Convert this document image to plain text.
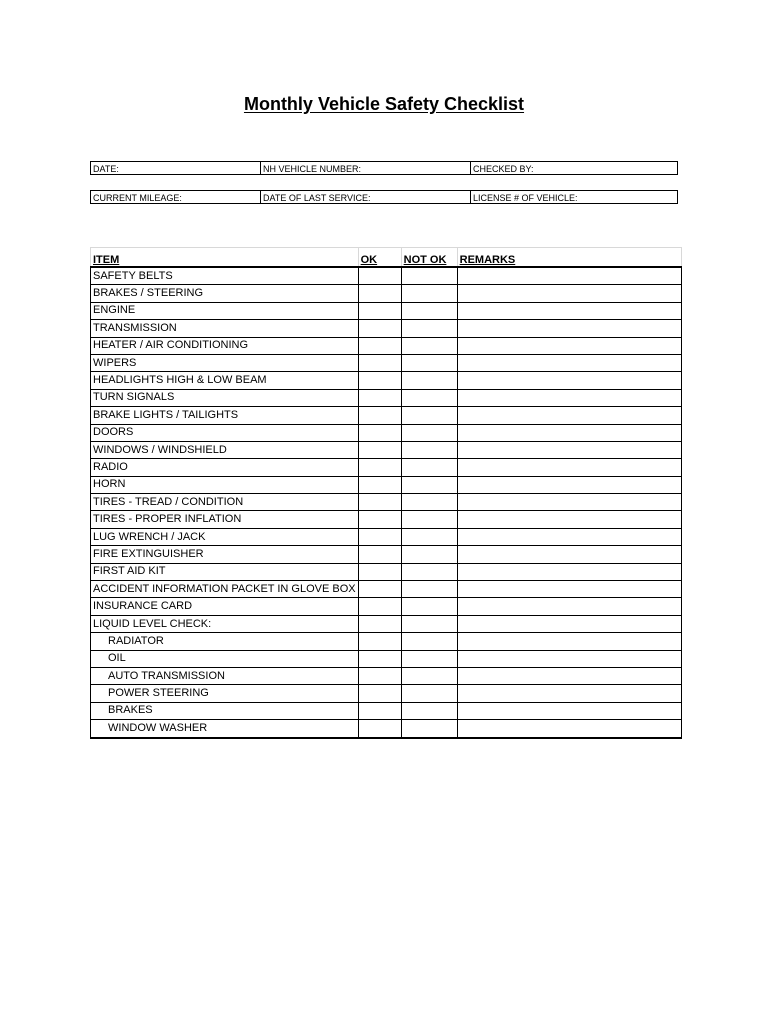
Monthly Vehicle Safety Checklist
DATE:	NH VEHICLE NUMBER:	CHECKED BY:
CURRENT MILEAGE:	DATE OF LAST SERVICE:	LICENSE # OF VEHICLE:
ITEM	OK	NOT OK	REMARKS
SAFETY BELTS			
BRAKES / STEERING			
ENGINE			
TRANSMISSION			
HEATER / AIR CONDITIONING			
WIPERS			
HEADLIGHTS HIGH & LOW BEAM			
TURN SIGNALS			
BRAKE LIGHTS / TAILIGHTS			
DOORS			
WINDOWS / WINDSHIELD			
RADIO			
HORN			
TIRES - TREAD / CONDITION			
TIRES - PROPER INFLATION			
LUG WRENCH / JACK			
FIRE EXTINGUISHER			
FIRST AID KIT			
ACCIDENT INFORMATION PACKET IN GLOVE BOX			
INSURANCE CARD			
LIQUID LEVEL CHECK:			
RADIATOR			
OIL			
AUTO TRANSMISSION			
POWER STEERING			
BRAKES			
WINDOW WASHER			
